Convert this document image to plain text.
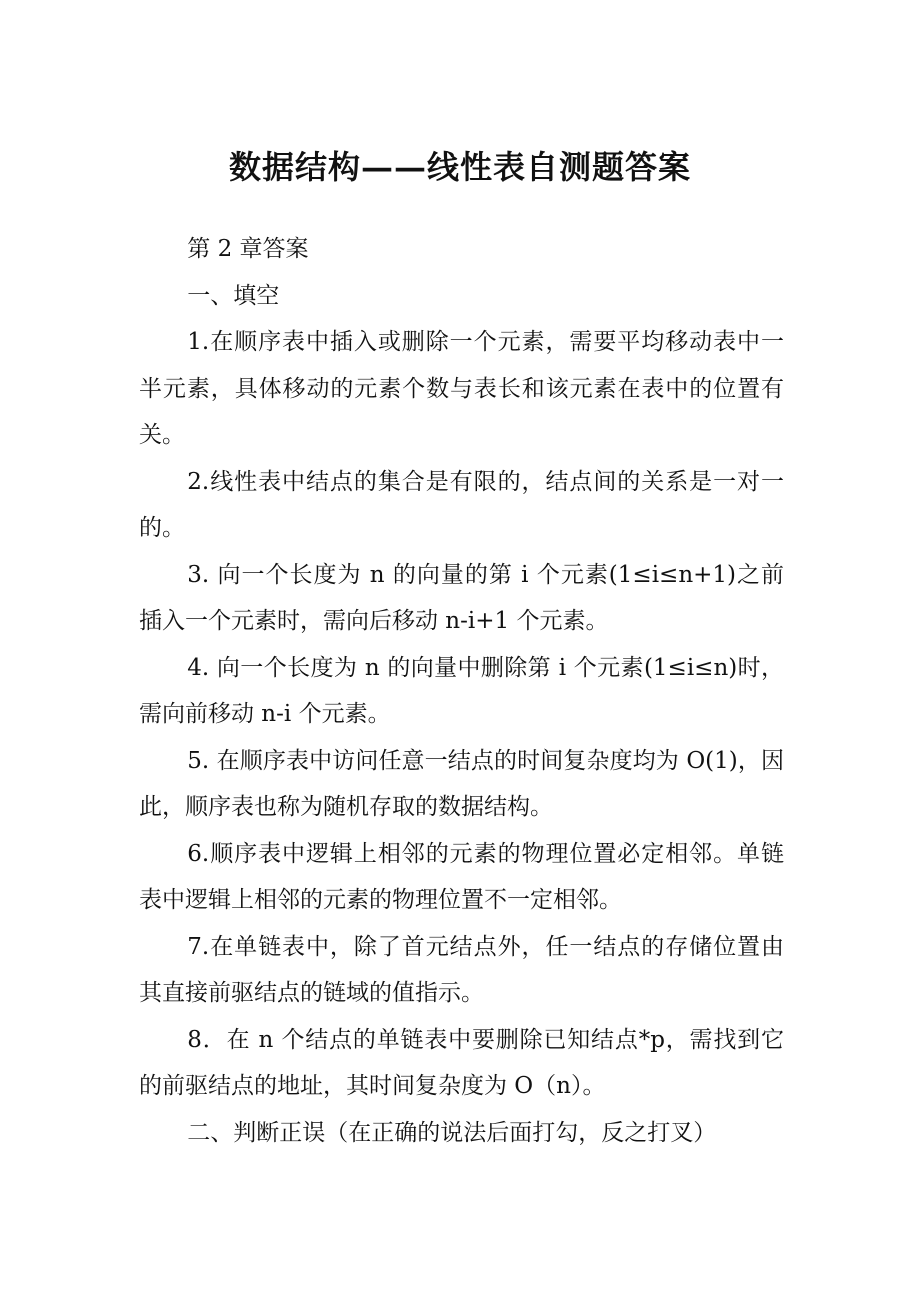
数据结构——线性表自测题答案

第 2 章答案

一、填空

1.在顺序表中插入或删除一个元素，需要平均移动表中一半元素，具体移动的元素个数与表长和该元素在表中的位置有关。

2.线性表中结点的集合是有限的，结点间的关系是一对一的。

3. 向一个长度为 n 的向量的第 i 个元素(1≤i≤n+1)之前插入一个元素时，需向后移动 n-i+1 个元素。

4. 向一个长度为 n 的向量中删除第 i 个元素(1≤i≤n)时，需向前移动 n-i 个元素。

5. 在顺序表中访问任意一结点的时间复杂度均为 O(1)，因此，顺序表也称为随机存取的数据结构。

6.顺序表中逻辑上相邻的元素的物理位置必定相邻。单链表中逻辑上相邻的元素的物理位置不一定相邻。

7.在单链表中，除了首元结点外，任一结点的存储位置由其直接前驱结点的链域的值指示。

8．在 n 个结点的单链表中要删除已知结点*p，需找到它的前驱结点的地址，其时间复杂度为 O（n）。

二、判断正误（在正确的说法后面打勾，反之打叉）
